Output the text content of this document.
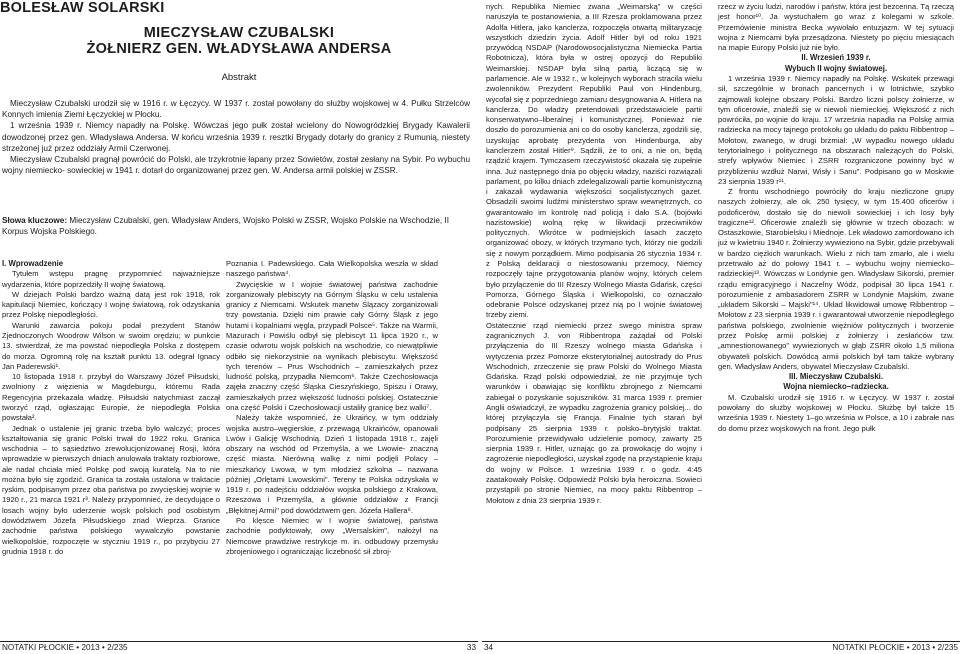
BOLESŁAW SOLARSKI
MIECZYSŁAW CZUBALSKI
ŻOŁNIERZ GEN. WŁADYSŁAWA ANDERSA
Abstrakt

Mieczysław Czubalski urodził się w 1916 r. w Łęczycy. W 1937 r. został powołany do służby wojskowej w 4. Pułku Strzelców Konnych imienia Ziemi Łęczyckiej w Płocku.

1 września 1939 r. Niemcy napadły na Polskę. Wówczas jego pułk został wcielony do Nowogródzkiej Brygady Kawalerii dowodzonej przez gen. Władysława Andersa. W końcu września 1939 r. resztki Brygady dotarły do granicy z Rumunią, niestety strzeżonej już przez oddziały Armii Czerwonej.

Mieczysław Czubalski pragnął powrócić do Polski, ale trzykrotnie łapany przez Sowietów, został zesłany na Sybir. Po wybuchu wojny niemiecko- sowieckiej w 1941 r. dotarł do organizowanej przez gen. W. Andersa armii polskiej w ZSSR.

Słowa kluczowe: Mieczysław Czubalski, gen. Władysław Anders, Wojsko Polski w ZSSR, Wojsko Polskie na Wschodzie, II Korpus Wojska Polskiego.
I. Wprowadzenie

Tytułem wstępu pragnę przypomnieć najważniejsze wydarzenia, które poprzedziły II wojnę światową.

W dziejach Polski bardzo ważną datą jest rok 1918, rok kapitulacji Niemiec, kończący I wojnę światową, rok odzyskania przez Polskę niepodległości.

Warunki zawarcia pokoju podał prezydent Stanów Zjednoczonych Woodrow Wilson w swoim orędziu; w punkcie 13. stwierdzał, że ma powstać niepodległa Polska z dostępem do morza. Ogromną rolę na kształt punktu 13. odegrał Ignacy Jan Paderewski¹.

10 listopada 1918 r. przybył do Warszawy Józef Piłsudski, zwolniony z więzienia w Magdeburgu, któremu Rada Regencyjna przekazała władzę. Piłsudski natychmiast zaczął tworzyć rząd, ogłaszając Europie, że niepodległa Polska powstała².

Jednak o ustalenie jej granic trzeba było walczyć; proces kształtowania się granic Polski trwał do 1922 roku. Granica wschodnia – to sąsiedztwo zrewolucjonizowanej Rosji, która wprowadzie w pierwszych dniach anulowała traktaty rozbiorowe, ale nadal chciała mieć Polskę pod swoją kuratelą. Na to nie można było się zgodzić. Granica ta została ustalona w traktacie ryskim, podpisanym przez oba państwa po zwycięskiej wojnie w 1920 r., 21 marca 1921 r³. Należy przypomnieć, że decydujące o losach wojny było uderzenie wojsk polskich pod osobistym dowództwem Józefa Piłsudskiego znad Wieprza. Granice zachodnie państwa polskiego wywalczyło powstanie wielkopolskie, rozpoczęte w styczniu 1919 r., po przybyciu 27 grudnia 1918 r. do

Poznania I. Padewskiego. Cała Wielkopolska weszła w skład naszego państwa⁴.

Zwycięskie w I wojnie światowej państwa zachodnie zorganizowały plebiscyty na Górnym Śląsku w celu ustalenia granicy z Niemcami. Wskutek manetw Ślązacy zorganizowali trzy powstania. Dzięki nim prawie cały Górny Śląsk z jego hutami i kopalniami węgla, przypadł Polsce⁵. Także na Warmii, Mazurach i Powiślu odbył się plebiscyt 11 lipca 1920 r., w czasie odwrotu wojsk polskich na wschodzie, co niewątpliwie odbiło się niekorzystnie na wynikach plebiscytu. Większość tych terenów – Prus Wschodnich – zamieszkałych przez ludność polską, przypadła Niemcom⁶. Także Czechosłowacja zajęła znaczny część Śląska Cieszyńskiego, Spiszu i Orawy, zamieszkałych przez większość ludności polskiej. Ostatecznie ona część Polski i Czechosłowacji ustaliły granicę bez walki⁷.

Należy także wspomnieć, że Ukraińcy, w tym oddziały wojska austro–węgierskie, z przewagą Ukraińców, opanowali Lwów i Galicję Wschodnią. Dzień 1 listopada 1918 r., zajęli obszary na wschód od Przemyśla, a we Lwowie- znaczną część miasta. Nierówną walkę z nimi podjęli Polacy – mieszkańcy Lwowa, w tym młodzież szkolna – nazwana później „Orlętami Lwowskimi". Tereny te Polska odzyskała w 1919 r. po nadejściu oddziałów wojska polskiego z Krakowa, Rzeszowa i Przemyśla, a głównie oddziałów z Francji „Błękitnej Armii" pod dowództwem gen. Józefa Hallera⁸.

Po klęsce Niemiec w I wojnie światowej, państwa zachodnie podyktowały, owy „Wersalskim", nałożył na Niemcowe prawdziwe restrykcje m. in. odbudowy przemysłu zbrojeniowego i ograniczając liczebność sił zbroj-

NOTATKI PŁOCKIE • 2013 • 2/235	33

nych. Republika Niemiec zwana „Weimarską" w części naruszyła te postanowienia, a III Rzesza proklamowana przez Adolfa Hitlera, jako kanclerza, rozpoczęła otwartą militaryzację wszystkich dziedzin życia. Adolf Hitler był od roku 1921 przywódcą NSDAP (Narodowosocjalistyczna Niemiecka Partia Robotnicza), która była w ostrej opozycji do Republiki Weimarskiej. NSDAP była silną partią, liczącą się w parlamencie. Ale w 1932 r., w kolejnych wyborach stracila wielu zwolenników. Prezydent Republiki Paul von Hindenburg, wycofał się z poprzedniego zamiaru desygnowania A. Hitlera na kanclerza. Do władzy pretendowali przedstawiciele partii konserwatywno–liberalnej i komunistycznej. Ponieważ nie doszło do porozumienia ani co do osoby kanclerza, zgodzili się, uzyskując aprobatę prezydenta von Hindenburga, aby kanclerzem został Hitler⁹. Sądzili, że to oni, a nie on, będą rządzić krajem. Tymczasem rzeczywistość okazała się zupełnie inna. Już następnego dnia po objęciu władzy, naziści rozwiązali parlament, po kilku dniach zdelegalizowali partie komunistyczną i zakazali wydawania większości socjalistycznych gazet. Obsadzili swoimi ludźmi ministerstwo spraw wewnętrznych, co gwarantowało im kontrolę nad policją i dało S.A. (bojówki nazistowskie) wolną rękę w likwidacji przeciwników politycznych. Wkrótce w podmiejskich lasach zaczęto organizować obozy, w których trzymano tych, którzy nie godzili się z nowym porządkiem. Mimo podpisania 26 stycznia 1934 r. z Polską deklaracji o niestosowaniu przemocy, Niemcy rozpoczęły tajne przygotowania planów wojny, których celem było przyłączenie do III Rzeszy Wolnego Miasta Gdańsk, części Pomorza, Górnego Śląska i Wielkopolski, co oznaczało odebranie Polsce odzyskanej przez nią po I wojnie światowej trzeby ziemi.
Ostatecznie rząd niemiecki przez swego ministra spraw zagranicznych J. von Ribbentropa zażądał od Polski przyłączenia do III Rzeszy wolnego miasta Gdańska i wytyczenia przez Pomorze eksterytorialnej autostrady do Prus Wschodnich, zrzeczenie się praw Polski do Wolnego Miasta Gdańska. Rząd polski odpowiedział, że nie przyjmuje tych warunków i obawiając się konfliktu zbrojnego z Niemcami zabiegał o pozyskanie sojuszników. 31 marca 1939 r. premier Anglii oświadczył, że wypadku zagrożenia granicy polskiej... do której przyłączyła się Francja. Finalnie tych starań był podpisany 25 sierpnia 1939 r. polsko–brytyjski traktat. Porozumienie przewidywało udzielenie pomocy, zawarty 25 sierpnia 1939 r. Hitler, uznając go za prowokację do wojny i zagrożenie niepodległości, uzyskał zgodę na przystąpienie kraju do wojny w Polsce. 1 września 1939 r. o godz. 4:45 zaatakowały Polskę. Odpowiedź Polski była heroiczna. Sowieci przystąpili po stronie Niemiec, na mocy paktu Ribbentrop – Mołotow z dnia 23 sierpnia 1939 r.

rzecz w życiu ludzi, narodów i państw, która jest bezcenna. Tą rzeczą jest honor¹⁰. Ja wystuchałem go wraz z kolegami w szkole. Przemówienie ministra Becka wywołało entuzjazm. W tej sytuacji wojna z Niemcami była przesądzona. Niestety po pięciu miesiącach na mapie Europy Polski już nie było.

II. Wrzesień 1939 r.
Wybuch II wojny światowej.

1 września 1939 r. Niemcy napadły na Polskę. Wskutek przewagi sił, szczególnie w bronach pancernych i w lotnictwie, szybko zajmowali kolejne obszary Polski. Bardzo liczni polscy żołnierze, w tym oficerowie, znaleźli się w niewoli niemieckiej. Większość z nich powróciła, po wojnie do kraju. 17 września napadła na Polskę armia radziecka na mocy tajnego protokołu go układu do paktu Ribbentrop – Mołotow, zwanego, w drugi brzmiał: „W wypadku nowego układu terytorialnego i politycznego na obszarach należących do Polski, strefy wpływów Niemiec i ZSRR rozgraniczone powinny być w przybliżeniu wzdłuż Narwi, Wisły i Sanu". Podpisano go w Moskwie 23 sierpnia 1939 r¹¹.

Z frontu wschodniego powróciły do kraju niezliczone grupy naszych żołnierzy, ale ok. 250 tysięcy, w tym 15.400 oficerów i podoficerów, dostało się do niewoli sowieckiej i ich losy były tragiczne¹². Oficerowie znaleźli się głównie w trzech obozach: w Ostaszkowie, Starobielsku i Miednoje. Lek władowo zamordowano ich już w kwietniu 1940 r. Żołnierzy wywieziono na Sybir, gdzie przebywali w bardzo ciężkich warunkach. Wielu z nich tam zmarło, ale i wielu przetrwało aż do połowy 1941 r. – wybuchu wojny niemiecko–radzieckiej¹³. Wówczas w Londynie gen. Władysław Sikorski, premier rządu emigracyjnego i Naczelny Wódz, podpisał 30 lipca 1941 r. porozumienie z ambasadorem ZSRR w Londynie Majskim, zwane „układem Sikorski – Majski"¹⁴. Układ likwidował umowę Ribbentrop – Mołotow z 23 sierpnia 1939 r. i gwarantował utworzenie niepodległego państwa polskiego, zwolnienie więźniów politycznych i tworzenie przez Polskę armii polskiej z żołnierzy i zesłańców tzw. „amnestionowanego" wywiezionych w głąb ZSRR około 1,5 miliona obywateli polskich. Dowódcą armii polskich był tam także wybrany gen. Władysław Anders, obywatel Mieczysław Czubalski.

III. Mieczysław Czubalski.
Wojna niemiecko–radziecka.

M. Czubalski urodził się 1916 r. w Łęczycy. W 1937 r. został powołany do służby wojskowej w Płocku. Służbę był także 15 września 1939 r. Niestety 1–go września w Polsce, a 10 i zabrałe nas do domu przez wojskowych na front. Jego pułk

34	NOTATKI PŁOCKIE • 2013 • 2/235
